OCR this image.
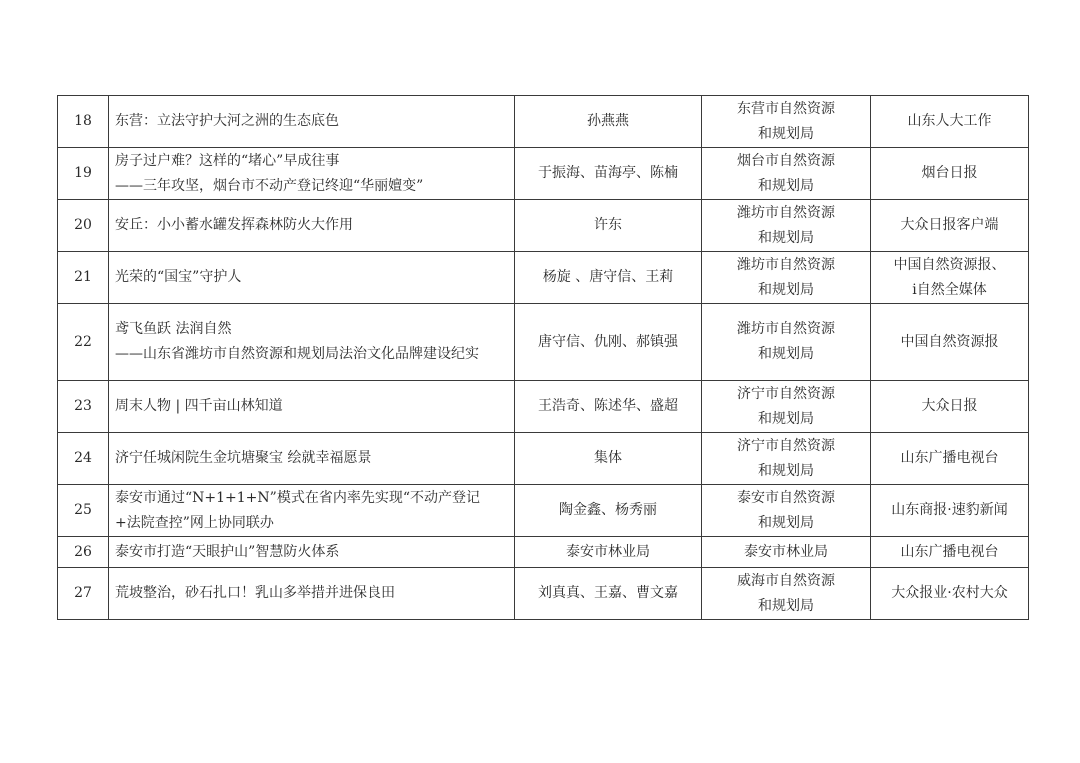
18	东营：立法守护大河之洲的生态底色	孙燕燕	东营市自然资源
和规划局	山东人大工作

19	房子过户难？这样的“堵心”早成往事
——三年攻坚，烟台市不动产登记终迎“华丽嬗变”	于振海、苗海亭、陈楠	烟台市自然资源
和规划局	烟台日报

20	安丘：小小蓄水罐发挥森林防火大作用	许东	潍坊市自然资源
和规划局	大众日报客户端

21	光荣的“国宝”守护人	杨旋 、唐守信、王莉	潍坊市自然资源
和规划局	中国自然资源报、
i自然全媒体

22	鸢飞鱼跃 法润自然
——山东省潍坊市自然资源和规划局法治文化品牌建设纪实	唐守信、仇刚、郝镇强	潍坊市自然资源
和规划局	中国自然资源报

23	周末人物 | 四千亩山林知道	王浩奇、陈述华、盛超	济宁市自然资源
和规划局	大众日报

24	济宁任城闲院生金坑塘聚宝 绘就幸福愿景	集体	济宁市自然资源
和规划局	山东广播电视台

25	泰安市通过“N+1+1+N”模式在省内率先实现“不动产登记
+法院查控”网上协同联办	陶金鑫、杨秀丽	泰安市自然资源
和规划局	山东商报·速豹新闻

26	泰安市打造“天眼护山”智慧防火体系	泰安市林业局	泰安市林业局	山东广播电视台

27	荒坡整治，砂石扎口！乳山多举措并进保良田	刘真真、王嘉、曹文嘉	威海市自然资源
和规划局	大众报业·农村大众
